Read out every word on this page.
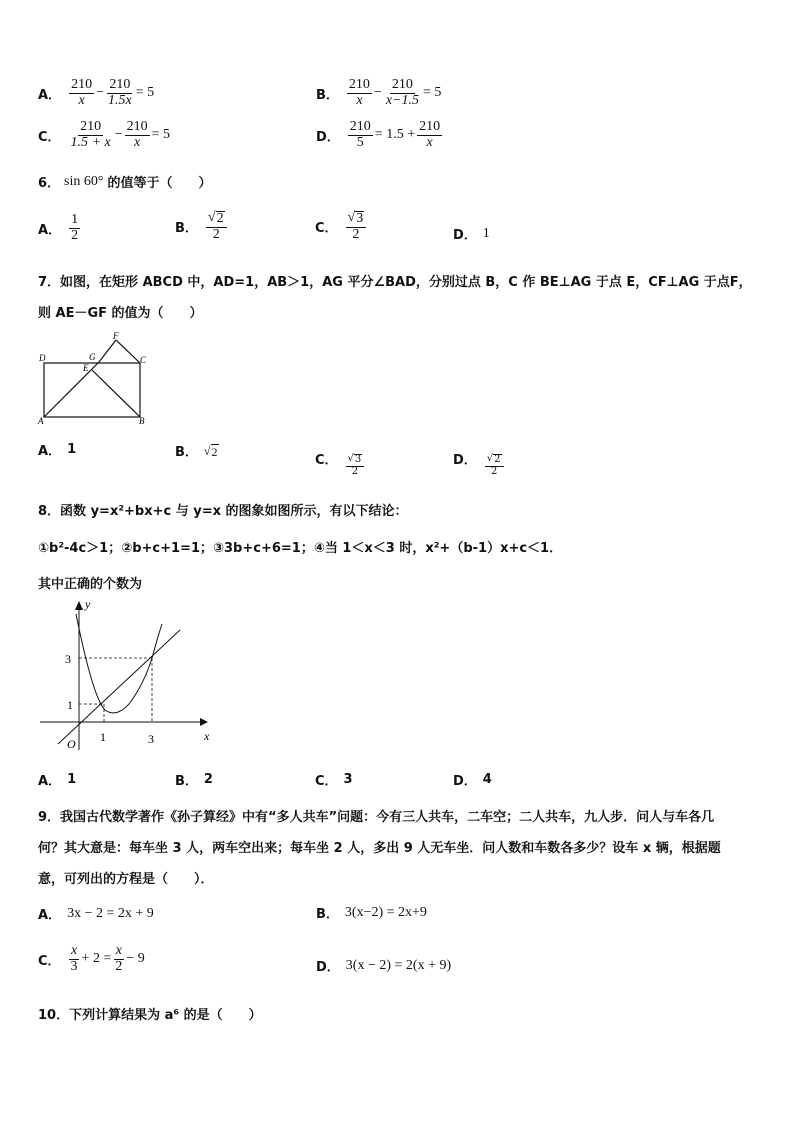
A． $\frac{210}{x} - \frac{210}{1.5x} = 5$	B． $\frac{210}{x} - \frac{210}{x-1.5} = 5$
C． $\frac{210}{1.5 + x} - \frac{210}{x} = 5$	D． $\frac{210}{5} = 1.5 + \frac{210}{x}$
6． sin 60° 的值等于（　　）
A． $\frac{1}{2}$	B． $\frac{√ 2}{2}$	C． $\frac{√ 3}{2}$	D． 1
7．如图，在矩形 ABCD 中，AD=1，AB＞1，AG 平分∠BAD，分别过点 B，C 作 BE⊥AG 于点 E，CF⊥AG 于点F，
则 AE－GF 的值为（　　）
D	G
F
C
E
A	B
A． 1	B． √ 2
C． $\frac{√ 3}{2}$	D． $\frac{√ 2}{2}$
8．函数 y=x²+bx+c 与 y=x 的图象如图所示，有以下结论：
①b²-4c＞1；②b+c+1=1；③3b+c+6=1；④当 1＜x＜3 时，x²+（b-1）x+c＜1．
其中正确的个数为
y
x
O
3
1
1	3
A． 1	B． 2	C． 3	D． 4
9．我国古代数学著作《孙子算经》中有“多人共车”问题：今有三人共车，二车空；二人共车，九人步．问人与车各几
何？其大意是：每车坐 3 人，两车空出来；每车坐 2 人，多出 9 人无车坐．问人数和车数各多少？设车 x 辆，根据题
意，可列出的方程是（　　）．
A． 3x − 2 = 2x + 9	B． 3(x−2) = 2x+9
C． $\frac{x}{3} + 2 = \frac{x}{2} - 9$
D． 3(x − 2) = 2(x + 9)
10．下列计算结果为 a⁶ 的是（　　）
